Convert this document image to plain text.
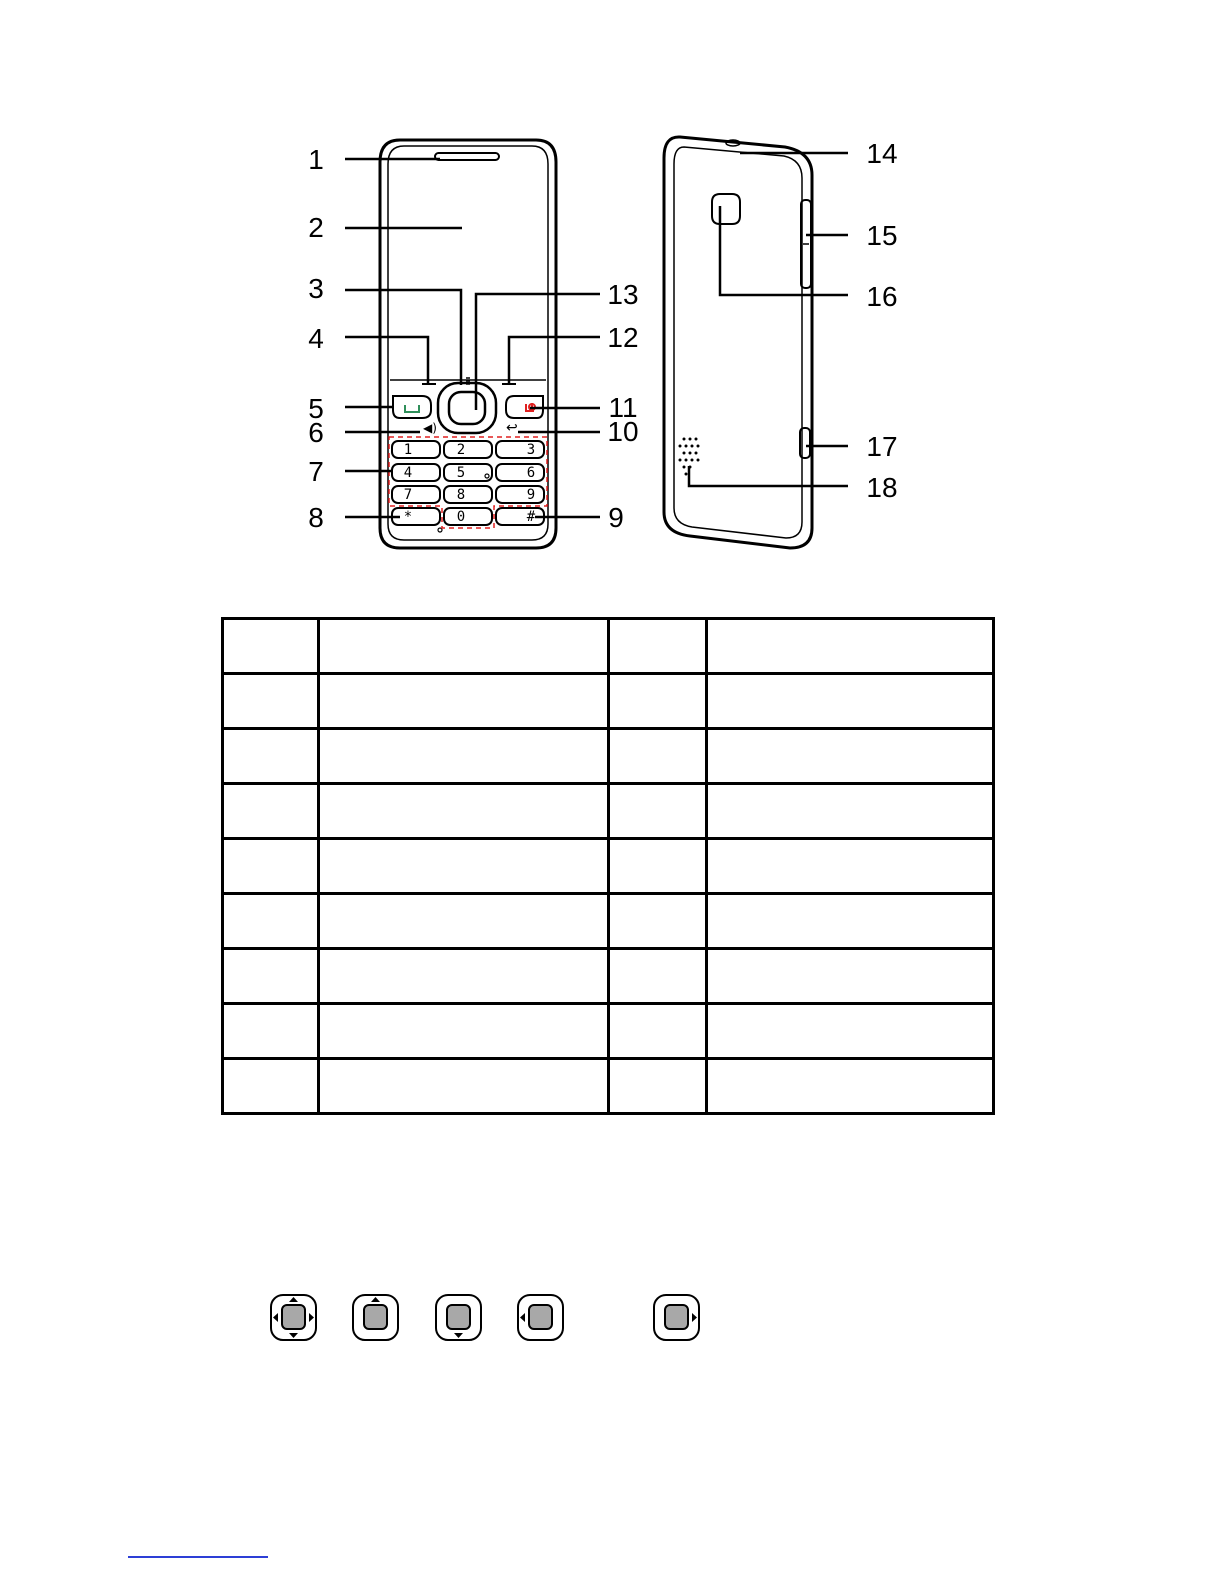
◀)	↩
1	2	3
4	5	6
7	8	9
*	0	#
1
2
3
4
5
6
7
8	9
10
11
12
13
14
15
16
17
18
